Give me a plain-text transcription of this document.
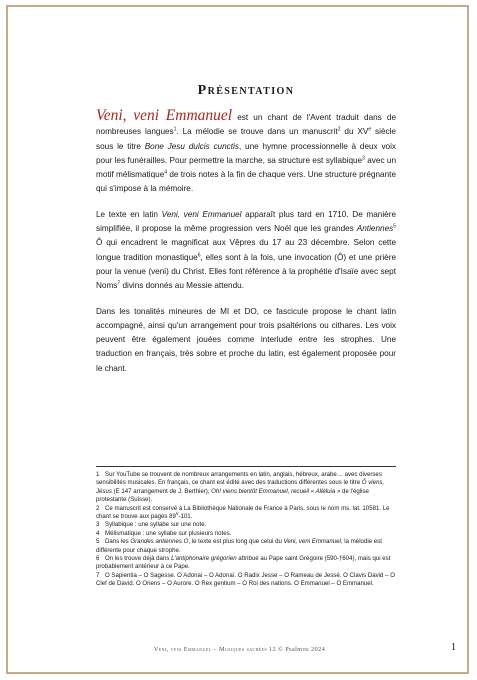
Présentation

Veni, veni Emmanuel est un chant de l'Avent traduit dans de nombreuses langues$^1$. La mélodie se trouve dans un manuscrit$^2$ du XVe siècle sous le titre Bone Jesu dulcis cunctis, une hymne processionnelle à deux voix pour les funérailles. Pour permettre la marche, sa structure est syllabique$^3$ avec un motif mélismatique$^4$ de trois notes à la fin de chaque vers. Une structure prégnante qui s'impose à la mémoire.

Le texte en latin Veni, veni Emmanuel apparaît plus tard en 1710. De manière simplifiée, il propose la même progression vers Noël que les grandes Antiennes$^5$ Ô qui encadrent le magnificat aux Vêpres du 17 au 23 décembre. Selon cette longue tradition monastique$^6$, elles sont à la fois, une invocation (Ô) et une prière pour la venue (veni) du Christ. Elles font référence à la prophétie d'Isaïe avec sept Noms$^7$ divins donnés au Messie attendu.

Dans les tonalités mineures de MI et DO, ce fascicule propose le chant latin accompagné, ainsi qu'un arrangement pour trois psaltérions ou cithares. Les voix peuvent être également jouées comme interlude entre les strophes. Une traduction en français, très sobre et proche du latin, est également proposée pour le chant.

1 Sur YouTube se trouvent de nombreux arrangements en latin, anglais, hébreux, arabe… avec diverses sensibilités musicales. En français, ce chant est édité avec des traductions différentes sous le titre Ô viens, Jésus (E 147 arrangement de J. Berthier), Oh! viens bientôt Emmanuel, recueil « Alléluia » de l'église protestante (Suisse).

2 Ce manuscrit est conservé à La Bibliothèque Nationale de France à Paris, sous le nom ms. lat. 10581. Le chant se trouve aux pages 89$^v$-101.

3 Syllabique : une syllabe sur une note.

4 Mélismatique : une syllabe sur plusieurs notes.

5 Dans les Grandes antiennes O, le texte est plus long que celui du Veni, veni Emmanuel, la mélodie est différente pour chaque strophe.

6 On les trouve déjà dans L'antiphonaire grégorien attribué au Pape saint Grégoire (590-†604), mais qui est probablement antérieur à ce Pape.

7 O Sapientia – O Sagesse. O Adonai – O Adonaï. O Radix Jesse – O Rameau de Jessé. O Clavis David – O Clef de David. O Oriens – O Aurore. O Rex gentium – O Roi des nations. O Emmanuel – O Emmanuel.

Veni, veni Emmanuel – Musiques sacrées 12 © Psalmos 2024	1
